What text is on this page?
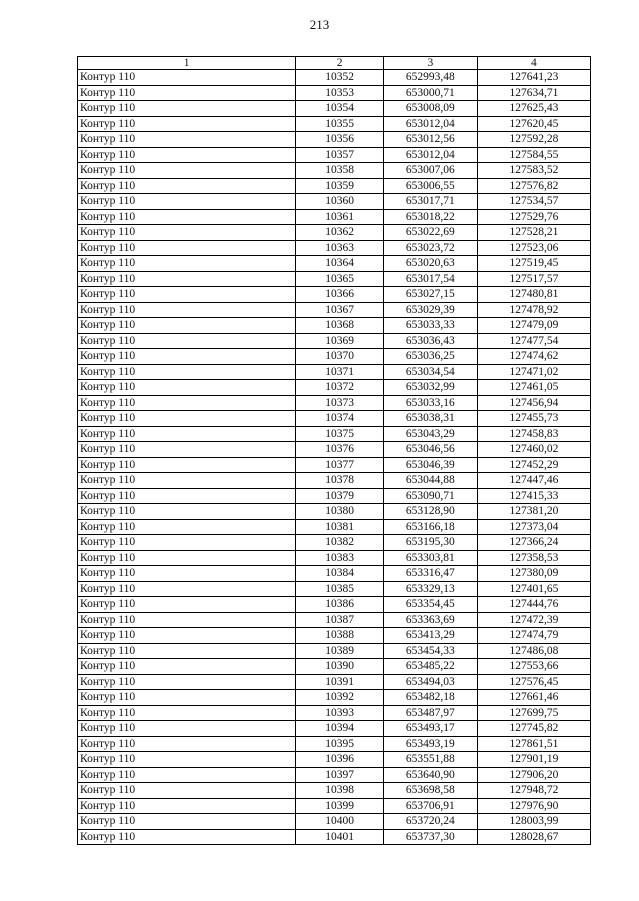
213
1	2	3	4
Контур 110	10352	652993,48	127641,23
Контур 110	10353	653000,71	127634,71
Контур 110	10354	653008,09	127625,43
Контур 110	10355	653012,04	127620,45
Контур 110	10356	653012,56	127592,28
Контур 110	10357	653012,04	127584,55
Контур 110	10358	653007,06	127583,52
Контур 110	10359	653006,55	127576,82
Контур 110	10360	653017,71	127534,57
Контур 110	10361	653018,22	127529,76
Контур 110	10362	653022,69	127528,21
Контур 110	10363	653023,72	127523,06
Контур 110	10364	653020,63	127519,45
Контур 110	10365	653017,54	127517,57
Контур 110	10366	653027,15	127480,81
Контур 110	10367	653029,39	127478,92
Контур 110	10368	653033,33	127479,09
Контур 110	10369	653036,43	127477,54
Контур 110	10370	653036,25	127474,62
Контур 110	10371	653034,54	127471,02
Контур 110	10372	653032,99	127461,05
Контур 110	10373	653033,16	127456,94
Контур 110	10374	653038,31	127455,73
Контур 110	10375	653043,29	127458,83
Контур 110	10376	653046,56	127460,02
Контур 110	10377	653046,39	127452,29
Контур 110	10378	653044,88	127447,46
Контур 110	10379	653090,71	127415,33
Контур 110	10380	653128,90	127381,20
Контур 110	10381	653166,18	127373,04
Контур 110	10382	653195,30	127366,24
Контур 110	10383	653303,81	127358,53
Контур 110	10384	653316,47	127380,09
Контур 110	10385	653329,13	127401,65
Контур 110	10386	653354,45	127444,76
Контур 110	10387	653363,69	127472,39
Контур 110	10388	653413,29	127474,79
Контур 110	10389	653454,33	127486,08
Контур 110	10390	653485,22	127553,66
Контур 110	10391	653494,03	127576,45
Контур 110	10392	653482,18	127661,46
Контур 110	10393	653487,97	127699,75
Контур 110	10394	653493,17	127745,82
Контур 110	10395	653493,19	127861,51
Контур 110	10396	653551,88	127901,19
Контур 110	10397	653640,90	127906,20
Контур 110	10398	653698,58	127948,72
Контур 110	10399	653706,91	127976,90
Контур 110	10400	653720,24	128003,99
Контур 110	10401	653737,30	128028,67
